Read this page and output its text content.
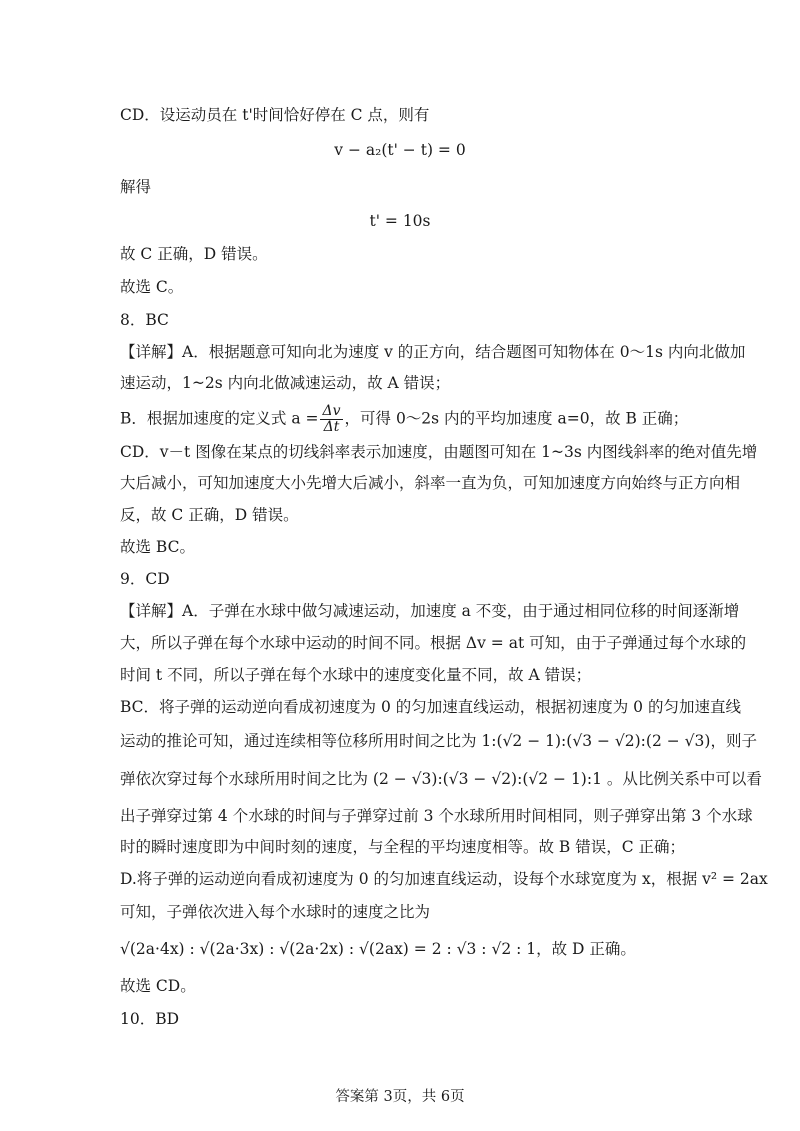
CD．设运动员在 t'时间恰好停在 C 点，则有
v − a₂(t' − t) = 0
解得
t' = 10s
故 C 正确，D 错误。
故选 C。
8．BC
【详解】A．根据题意可知向北为速度 v 的正方向，结合题图可知物体在 0～1s 内向北做加
速运动，1~2s 内向北做减速运动，故 A 错误；
B．根据加速度的定义式 $a = \frac{\Delta v}{\Delta t}$ ，可得 0～2s 内的平均加速度 a=0，故 B 正确；
CD．v－t 图像在某点的切线斜率表示加速度，由题图可知在 1~3s 内图线斜率的绝对值先增
大后减小，可知加速度大小先增大后减小，斜率一直为负，可知加速度方向始终与正方向相
反，故 C 正确，D 错误。
故选 BC。
9．CD
【详解】A．子弹在水球中做匀减速运动，加速度 a 不变，由于通过相同位移的时间逐渐增
大，所以子弹在每个水球中运动的时间不同。根据 Δv = at 可知，由于子弹通过每个水球的
时间 t 不同，所以子弹在每个水球中的速度变化量不同，故 A 错误；
BC．将子弹的运动逆向看成初速度为 0 的匀加速直线运动，根据初速度为 0 的匀加速直线
运动的推论可知，通过连续相等位移所用时间之比为 1:(√2 − 1):(√3 − √2):(2 − √3)，则子
弹依次穿过每个水球所用时间之比为 (2 − √3):(√3 − √2):(√2 − 1):1 。从比例关系中可以看
出子弹穿过第 4 个水球的时间与子弹穿过前 3 个水球所用时间相同，则子弹穿出第 3 个水球
时的瞬时速度即为中间时刻的速度，与全程的平均速度相等。故 B 错误，C 正确；
D.将子弹的运动逆向看成初速度为 0 的匀加速直线运动，设每个水球宽度为 x，根据 v² = 2ax
可知，子弹依次进入每个水球时的速度之比为
√(2a·4x) : √(2a·3x) : √(2a·2x) : √(2ax) = 2 : √3 : √2 : 1，故 D 正确。
故选 CD。
10．BD
答案第 3页，共 6页
